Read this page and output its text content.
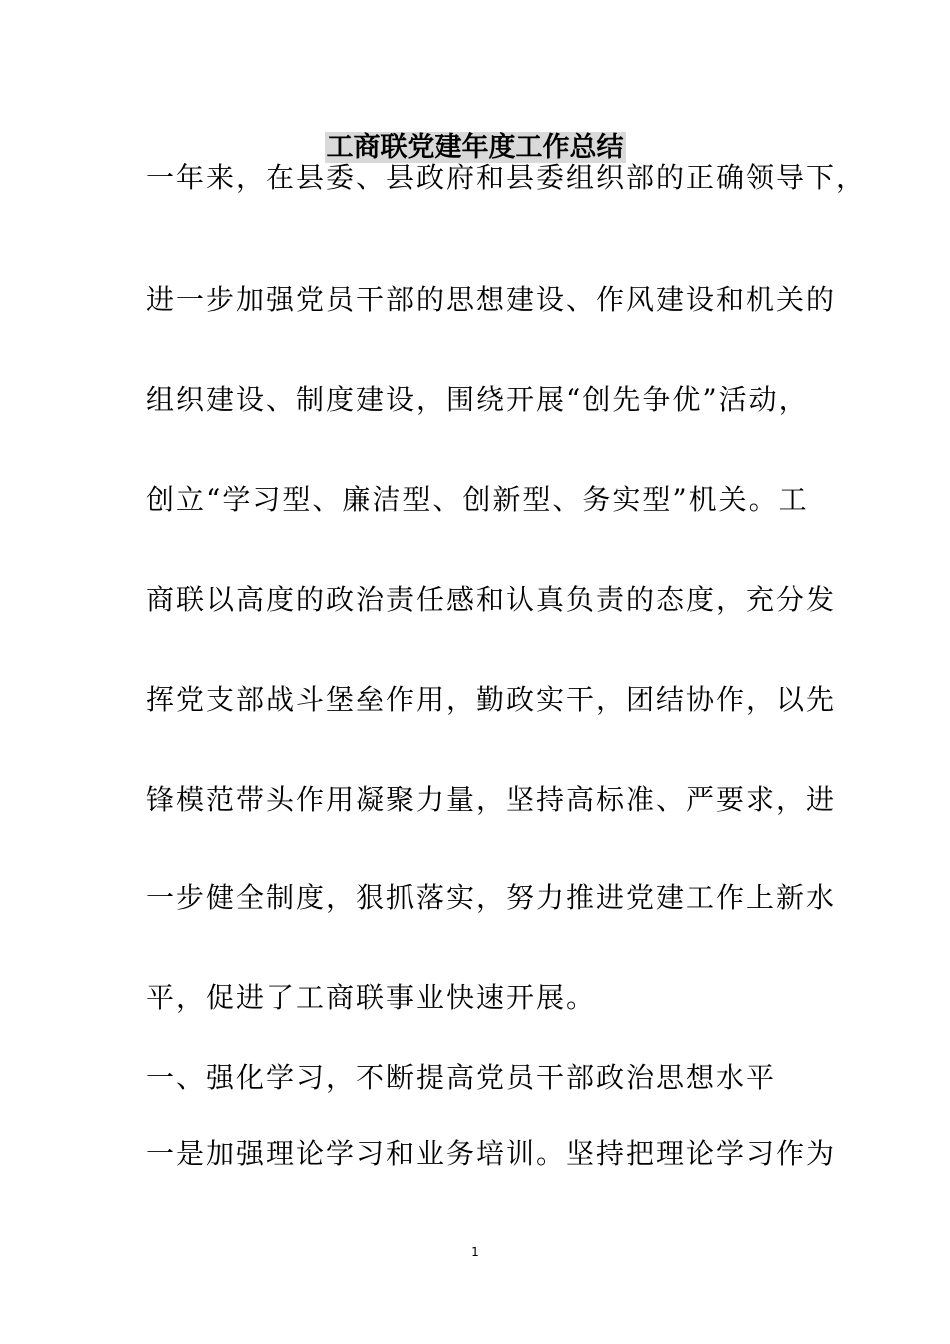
工商联党建年度工作总结

一年来，在县委、县政府和县委组织部的正确领导下，

进一步加强党员干部的思想建设、作风建设和机关的

组织建设、制度建设，围绕开展“创先争优”活动，

创立“学习型、廉洁型、创新型、务实型”机关。工

商联以高度的政治责任感和认真负责的态度，充分发

挥党支部战斗堡垒作用，勤政实干，团结协作，以先

锋模范带头作用凝聚力量，坚持高标准、严要求，进

一步健全制度，狠抓落实，努力推进党建工作上新水

平，促进了工商联事业快速开展。

一、强化学习，不断提高党员干部政治思想水平

一是加强理论学习和业务培训。坚持把理论学习作为

1
